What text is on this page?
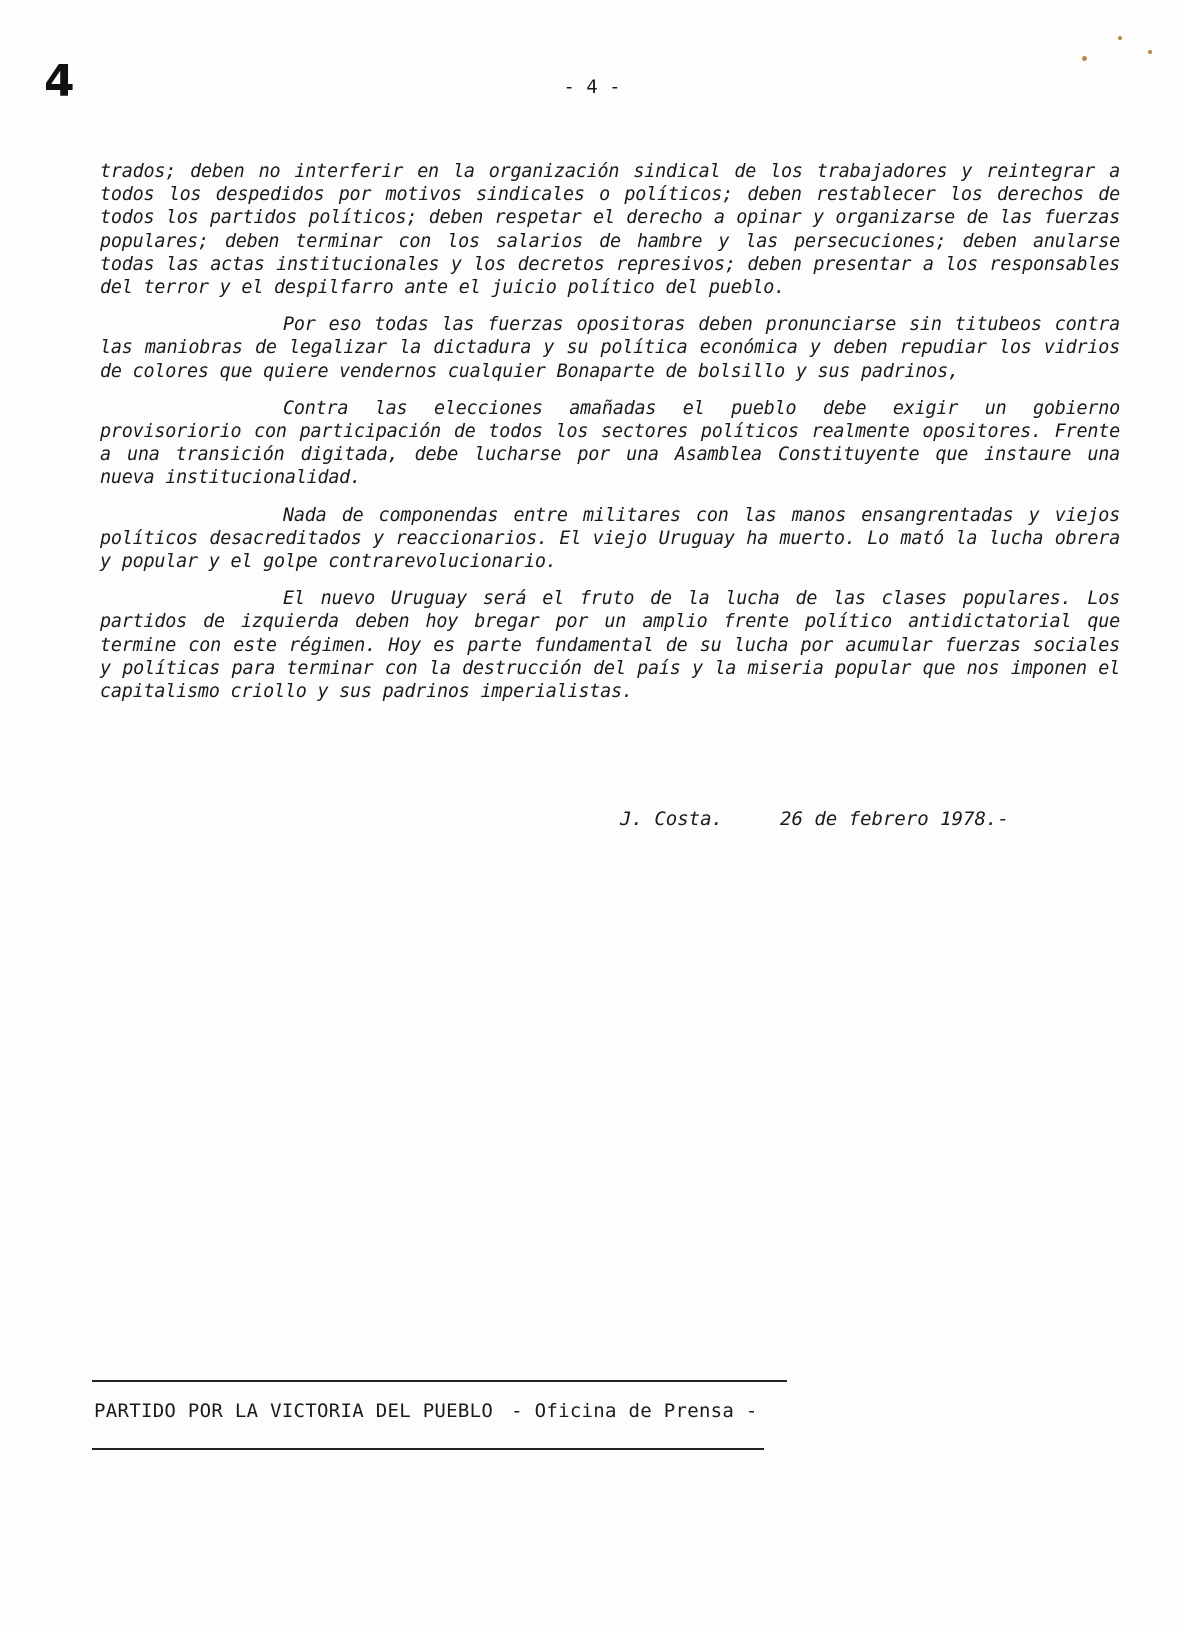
4	- 4 -

trados; deben no interferir en la organización sindical de los trabajadores y reintegrar a todos los despedidos por motivos sindicales o políticos; deben restablecer los derechos de todos los partidos políticos; deben respetar el derecho a opinar y organizarse de las fuerzas populares; deben terminar con los salarios de hambre y las persecuciones; deben anularse todas las actas institucionales y los decretos represivos; deben presentar a los responsables del terror y el despilfarro ante el juicio político del pueblo.

Por eso todas las fuerzas opositoras deben pronunciarse sin titubeos contra las maniobras de legalizar la dictadura y su política económica y deben repudiar los vidrios de colores que quiere vendernos cualquier Bonaparte de bolsillo y sus padrinos,

Contra las elecciones amañadas el pueblo debe exigir un gobierno provisoriorio con participación de todos los sectores políticos realmente opositores. Frente a una transición digitada, debe lucharse por una Asamblea Constituyente que instaure una nueva institucionalidad.

Nada de componendas entre militares con las manos ensangrentadas y viejos políticos desacreditados y reaccionarios. El viejo Uruguay ha muerto. Lo mató la lucha obrera y popular y el golpe contrarevolucionario.

El nuevo Uruguay será el fruto de la lucha de las clases populares. Los partidos de izquierda deben hoy bregar por un amplio frente político antidictatorial que termine con este régimen. Hoy es parte fundamental de su lucha por acumular fuerzas sociales y políticas para terminar con la destrucción del país y la miseria popular que nos imponen el capitalismo criollo y sus padrinos imperialistas.

J. Costa.	26 de febrero 1978.-
PARTIDO POR LA VICTORIA DEL PUEBLO - Oficina de Prensa -
